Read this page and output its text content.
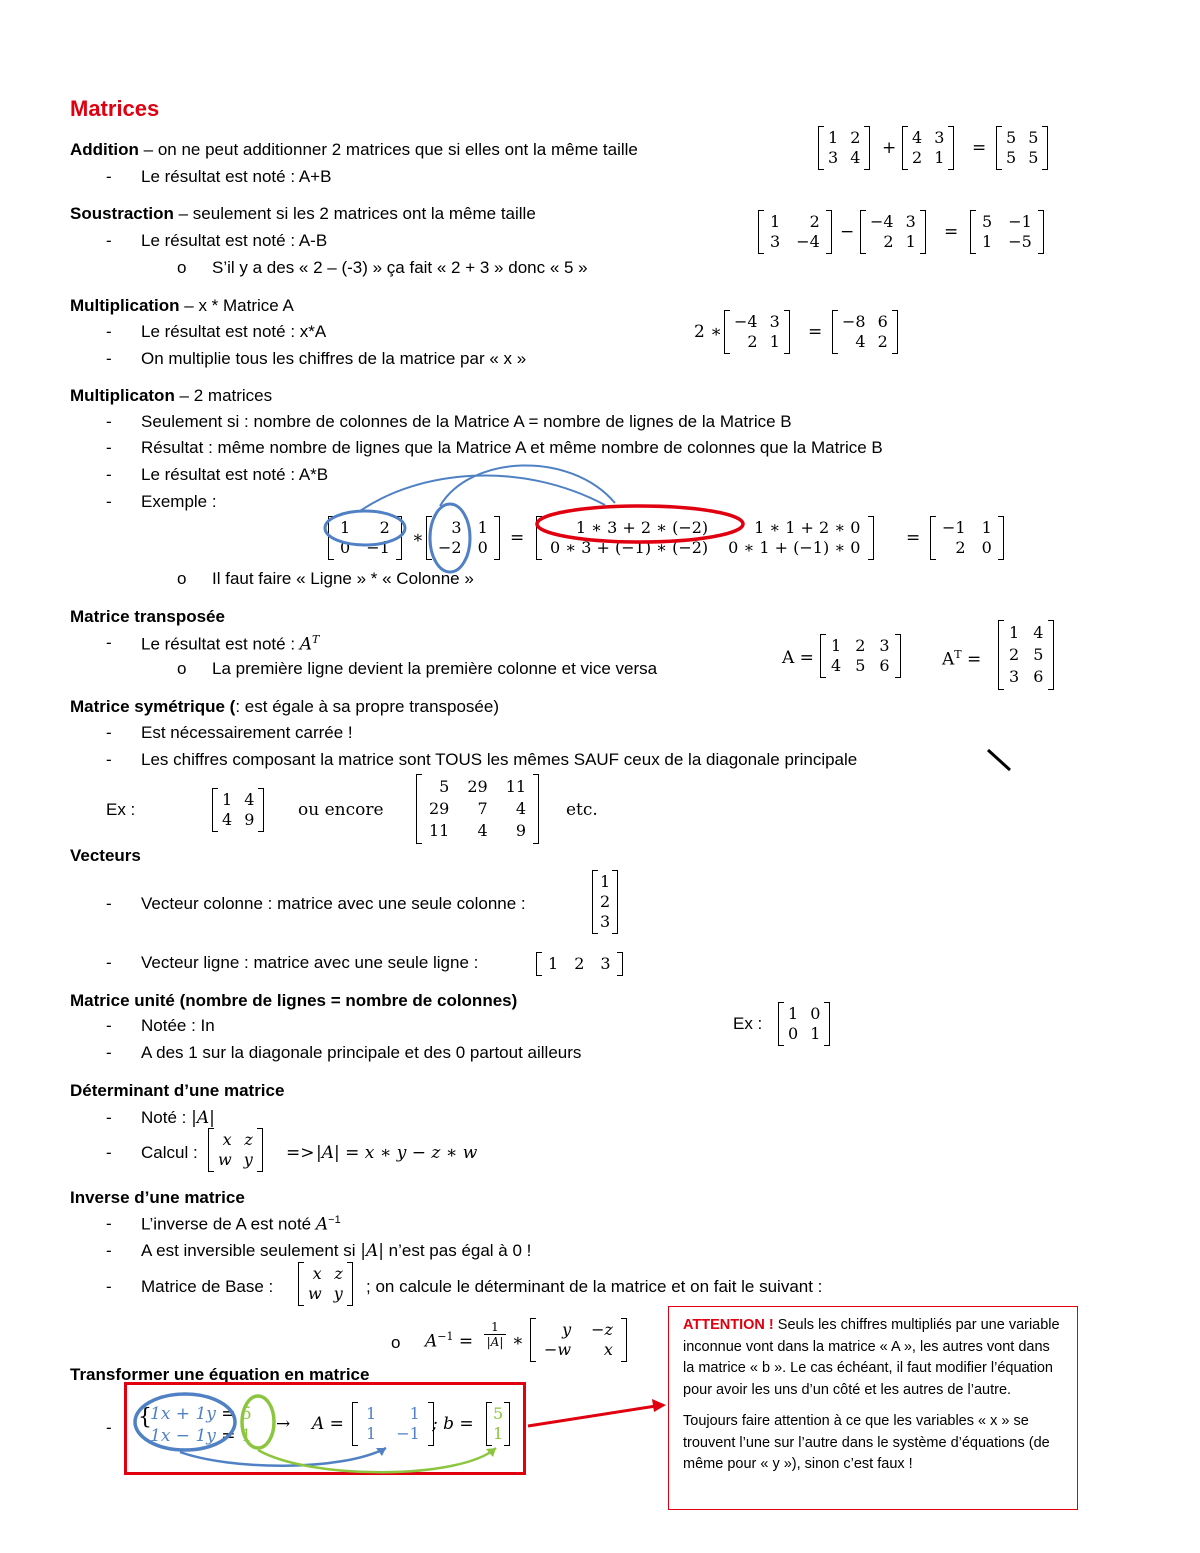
Matrices
Addition – on ne peut additionner 2 matrices que si elles ont la même taille
- Le résultat est noté : A+B
1	2
3	4 +
4	3
2	1 =
5	5
5	5
Soustraction – seulement si les 2 matrices ont la même taille
- Le résultat est noté : A-B
o S’il y a des « 2 – (-3) » ça fait « 2 + 3 » donc « 5 »
1	2
3	−4 −
−4	3
2	1 =
5	−1
1	−5
Multiplication – x * Matrice A
- Le résultat est noté : x*A
- On multiplie tous les chiffres de la matrice par « x »
2 ∗
−4	3
2	1 =
−8	6
4	2
Multiplicaton – 2 matrices
- Seulement si : nombre de colonnes de la Matrice A = nombre de lignes de la Matrice B
- Résultat : même nombre de lignes que la Matrice A et même nombre de colonnes que la Matrice B
- Le résultat est noté : A*B
- Exemple :
1	2
0	−1 ∗
3	1
−2	0 =
1 ∗ 3 + 2 ∗ (−2)	1 ∗ 1 + 2 ∗ 0
0 ∗ 3 + (−1) ∗ (−2)	0 ∗ 1 + (−1) ∗ 0	=
−1	1
2	0
o Il faut faire « Ligne » * « Colonne »
Matrice transposée
- Le résultat est noté : $A^T$
o La première ligne devient la première colonne et vice versa
A =
1	2	3
4	5	6	$A^T$ =
1	4
2	5
3	6
Matrice symétrique (: est égale à sa propre transposée)
- Est nécessairement carrée !
- Les chiffres composant la matrice sont TOUS les mêmes SAUF ceux de la diagonale principale
Ex :
1	4
4	9	ou encore
5	29	11
29	7	4
11	4	9
etc.
Vecteurs
- Vecteur colonne : matrice avec une seule colonne :
1
2
3
- Vecteur ligne : matrice avec une seule ligne :	1	2	3
Matrice unité (nombre de lignes = nombre de colonnes)
- Notée : In
- A des 1 sur la diagonale principale et des 0 partout ailleurs
Ex :
1	0
0	1
Déterminant d’une matrice
- Noté : |A|
- Calcul :
x	z
w	y => |A| = x ∗ y − z ∗ w
Inverse d’une matrice
- L’inverse de A est noté $A^{-1}$
- A est inversible seulement si |A| n’est pas égal à 0 !
- Matrice de Base :
x	z
w	y ; on calcule le déterminant de la matrice et on fait le suivant :
o $A^{-1} = \frac{1}{|A|}$ ∗
y	−z
−w	x
Transformer une équation en matrice
- {
1x + 1y = 5
1x − 1y = 1
→ A =
1	1
1	−1 ; b =
5
1

ATTENTION ! Seuls les chiffres multipliés par une variable inconnue vont dans la matrice « A », les autres vont dans la matrice « b ». Le cas échéant, il faut modifier l’équation pour avoir les uns d’un côté et les autres de l’autre.

Toujours faire attention à ce que les variables « x » se trouvent l’une sur l’autre dans le système d’équations (de même pour « y »), sinon c’est faux !
